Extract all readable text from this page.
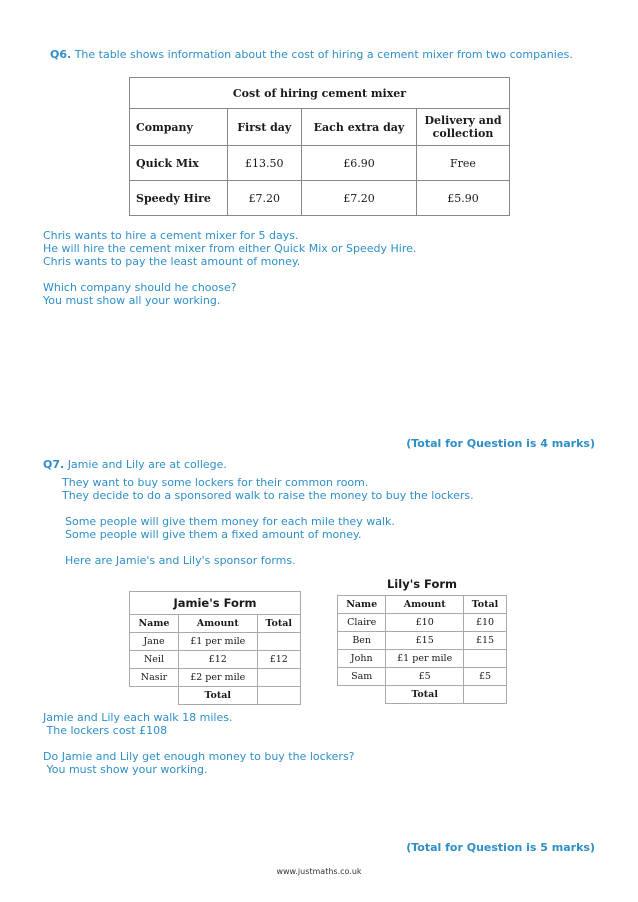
Q6. The table shows information about the cost of hiring a cement mixer from two companies.
Cost of hiring cement mixer			
Company	First day	Each extra day	Delivery and collection
Quick Mix	£13.50	£6.90	Free
Speedy Hire	£7.20	£7.20	£5.90
Chris wants to hire a cement mixer for 5 days.
He will hire the cement mixer from either Quick Mix or Speedy Hire.
Chris wants to pay the least amount of money.
Which company should he choose?
You must show all your working.
(Total for Question is 4 marks)
Q7. Jamie and Lily are at college.
They want to buy some lockers for their common room.
They decide to do a sponsored walk to raise the money to buy the lockers.
Some people will give them money for each mile they walk.
Some people will give them a fixed amount of money.
Here are Jamie's and Lily's sponsor forms.
Jamie's Form		
Name	Amount	Total
Jane	£1 per mile	
Neil	£12	£12
Nasir	£2 per mile	
	Total	
Lily's Form		
Name	Amount	Total
Claire	£10	£10
Ben	£15	£15
John	£1 per mile	
Sam	£5	£5
	Total	
Jamie and Lily each walk 18 miles.
The lockers cost £108
Do Jamie and Lily get enough money to buy the lockers?
You must show your working.
(Total for Question is 5 marks)
www.justmaths.co.uk
